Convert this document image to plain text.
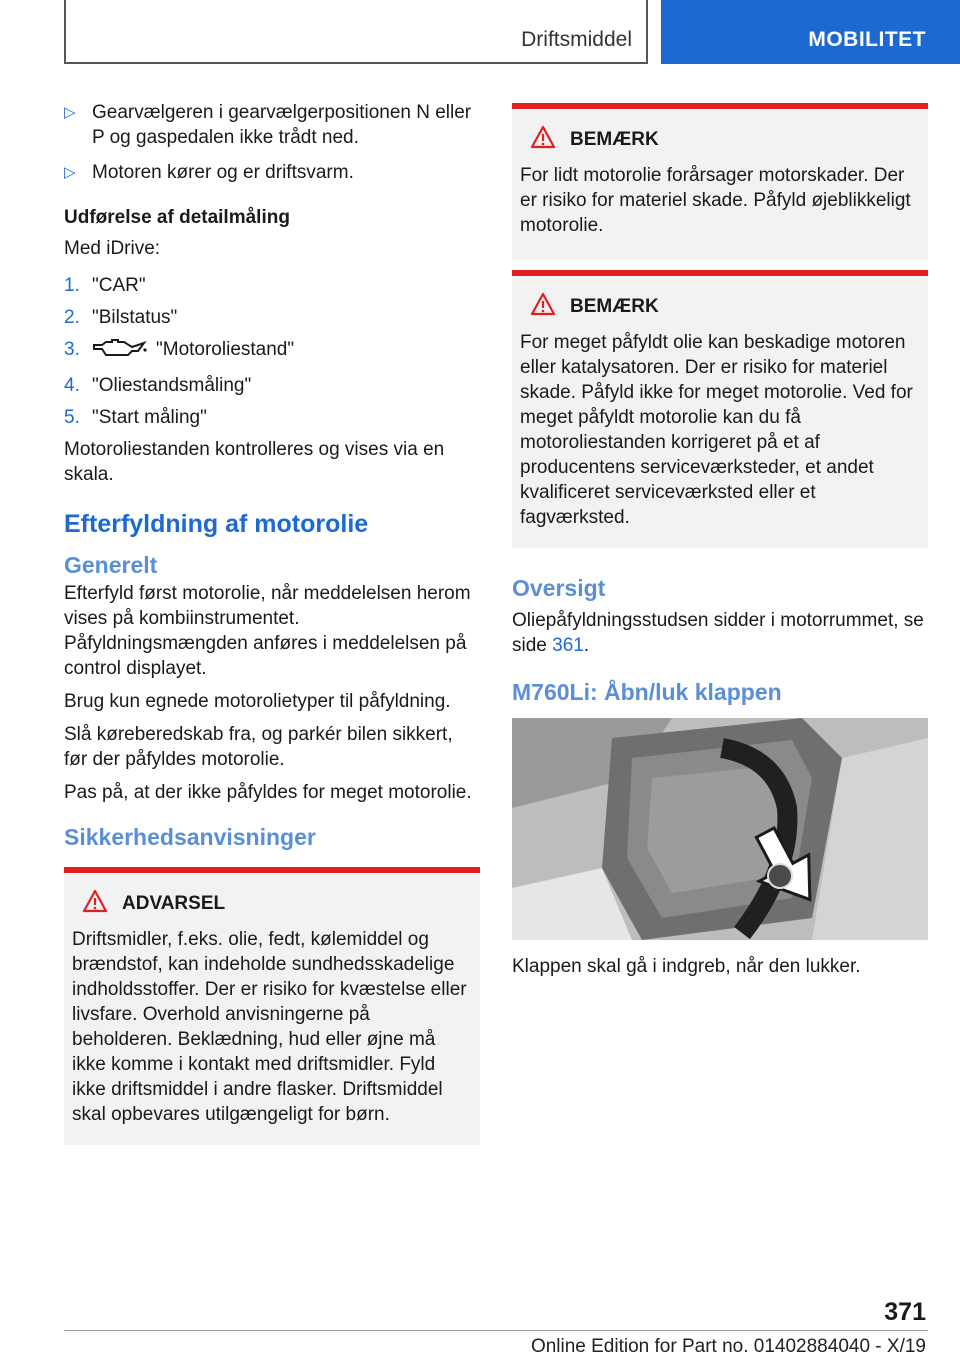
Driftsmiddel	MOBILITET
▷ Gearvælgeren i gearvælgerpositionen N eller P og gaspedalen ikke trådt ned.
▷ Motoren kører og er driftsvarm.
Udførelse af detailmåling
Med iDrive:
1. "CAR"
2. "Bilstatus"
3.	"Motoroliestand"
4. "Oliestandsmåling"
5. "Start måling"
Motoroliestanden kontrolleres og vises via en skala.
Efterfyldning af motorolie
Generelt

Efterfyld først motorolie, når meddelelsen herom vises på kombiinstrumentet. Påfyldningsmængden anføres i meddelelsen på control displayet.

Brug kun egnede motorolietyper til påfyldning.

Slå køreberedskab fra, og parkér bilen sikkert, før der påfyldes motorolie.

Pas på, at der ikke påfyldes for meget motorolie.

Sikkerhedsanvisninger
ADVARSEL
Driftsmidler, f.eks. olie, fedt, kølemiddel og brændstof, kan indeholde sundhedsskadelige indholdsstoffer. Der er risiko for kvæstelse eller livsfare. Overhold anvisningerne på beholderen. Beklædning, hud eller øjne må ikke komme i kontakt med driftsmidler. Fyld ikke driftsmiddel i andre flasker. Driftsmiddel skal opbevares utilgængeligt for børn.
BEMÆRK
For lidt motorolie forårsager motorskader. Der er risiko for materiel skade. Påfyld øjeblikkeligt motorolie.
BEMÆRK
For meget påfyldt olie kan beskadige motoren eller katalysatoren. Der er risiko for materiel skade. Påfyld ikke for meget motorolie. Ved for meget påfyldt motorolie kan du få motoroliestanden korrigeret på et af producentens serviceværksteder, et andet kvalificeret serviceværksted eller et fagværksted.
Oversigt

Oliepåfyldningsstudsen sidder i motorrummet, se side 361.

M760Li: Åbn/luk klappen

Klappen skal gå i indgreb, når den lukker.

371
Online Edition for Part no. 01402884040 - X/19
